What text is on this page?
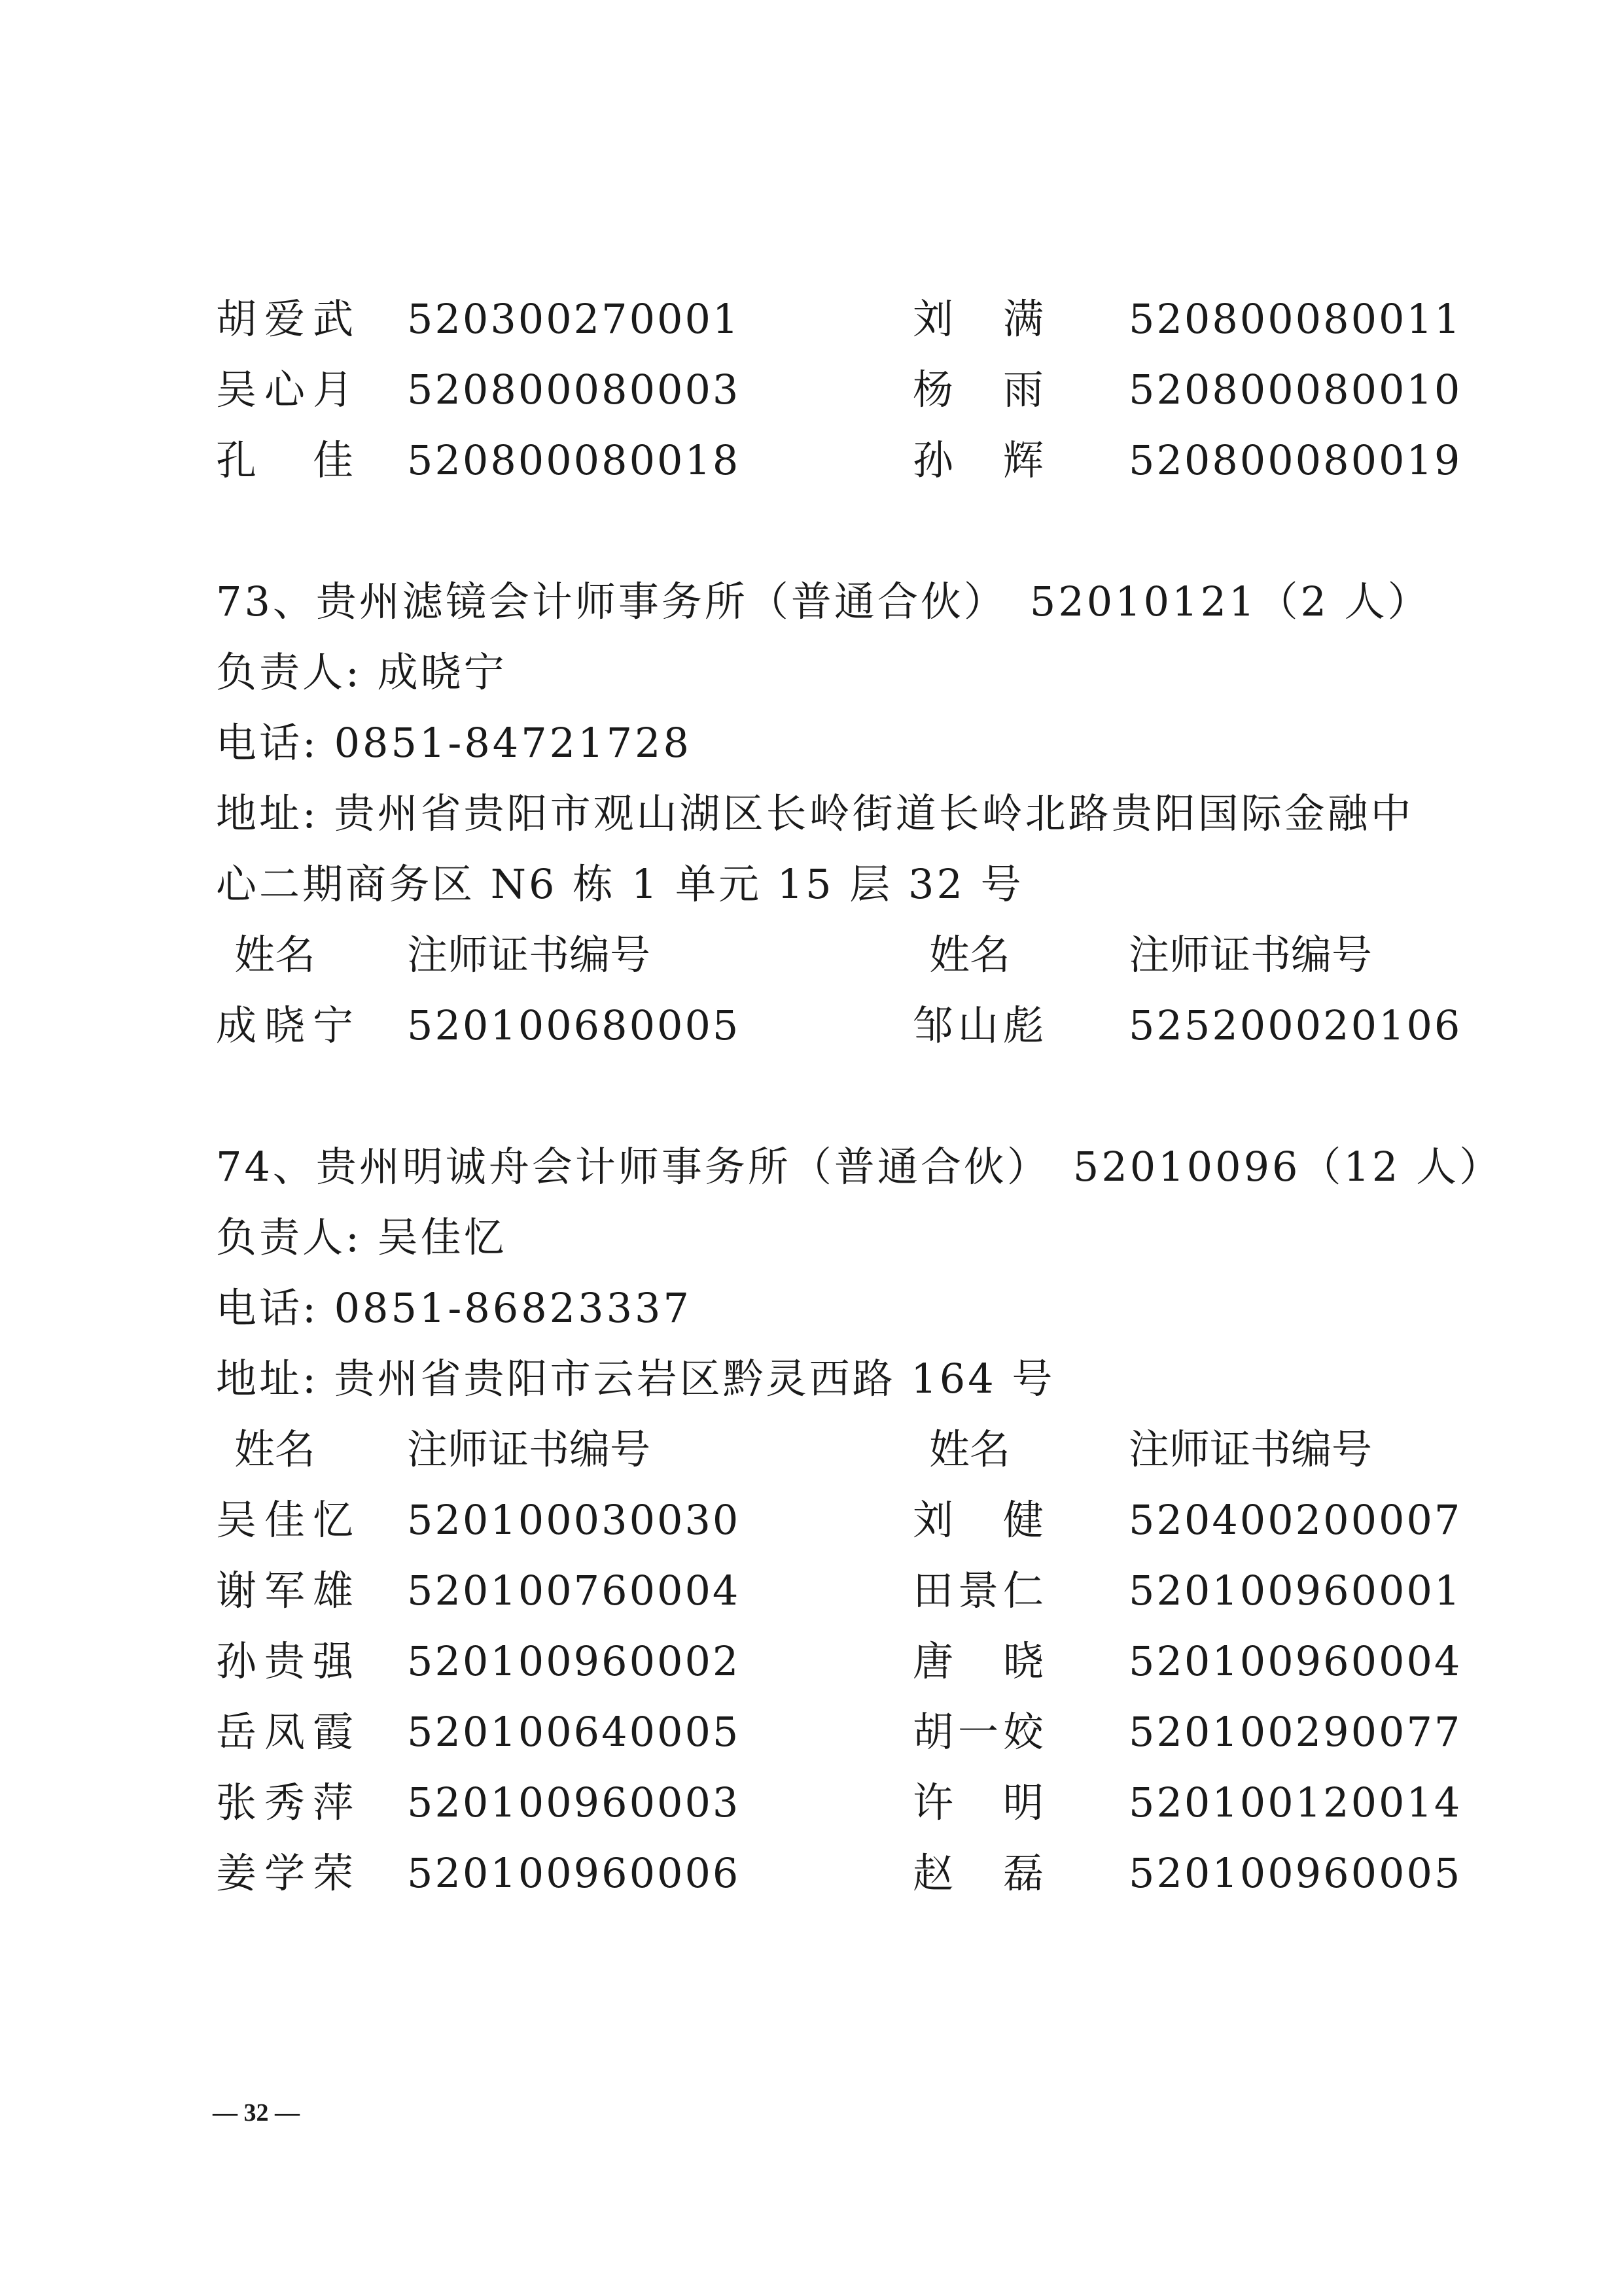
胡爱武 520300270001	刘　满 520800080011
吴心月 520800080003	杨　雨 520800080010
孔　佳 520800080018	孙　辉 520800080019
73、贵州滤镜会计师事务所（普通合伙）　52010121（2 人）
负责人: 成晓宁
电话: 0851-84721728
地址: 贵州省贵阳市观山湖区长岭街道长岭北路贵阳国际金融中
心二期商务区 N6 栋 1 单元 15 层 32 号
姓名 注师证书编号	姓名	注师证书编号
成晓宁 520100680005	邹山彪 525200020106
74、贵州明诚舟会计师事务所（普通合伙）　52010096（12 人）
负责人: 吴佳忆
电话: 0851-86823337
地址: 贵州省贵阳市云岩区黔灵西路 164 号
姓名 注师证书编号	姓名	注师证书编号
吴佳忆 520100030030	刘　健 520400200007
谢军雄 520100760004	田景仁 520100960001
孙贵强 520100960002	唐　晓 520100960004
岳凤霞 520100640005	胡一姣 520100290077
张秀萍 520100960003	许　明 520100120014
姜学荣 520100960006	赵　磊 520100960005
— 32 —
